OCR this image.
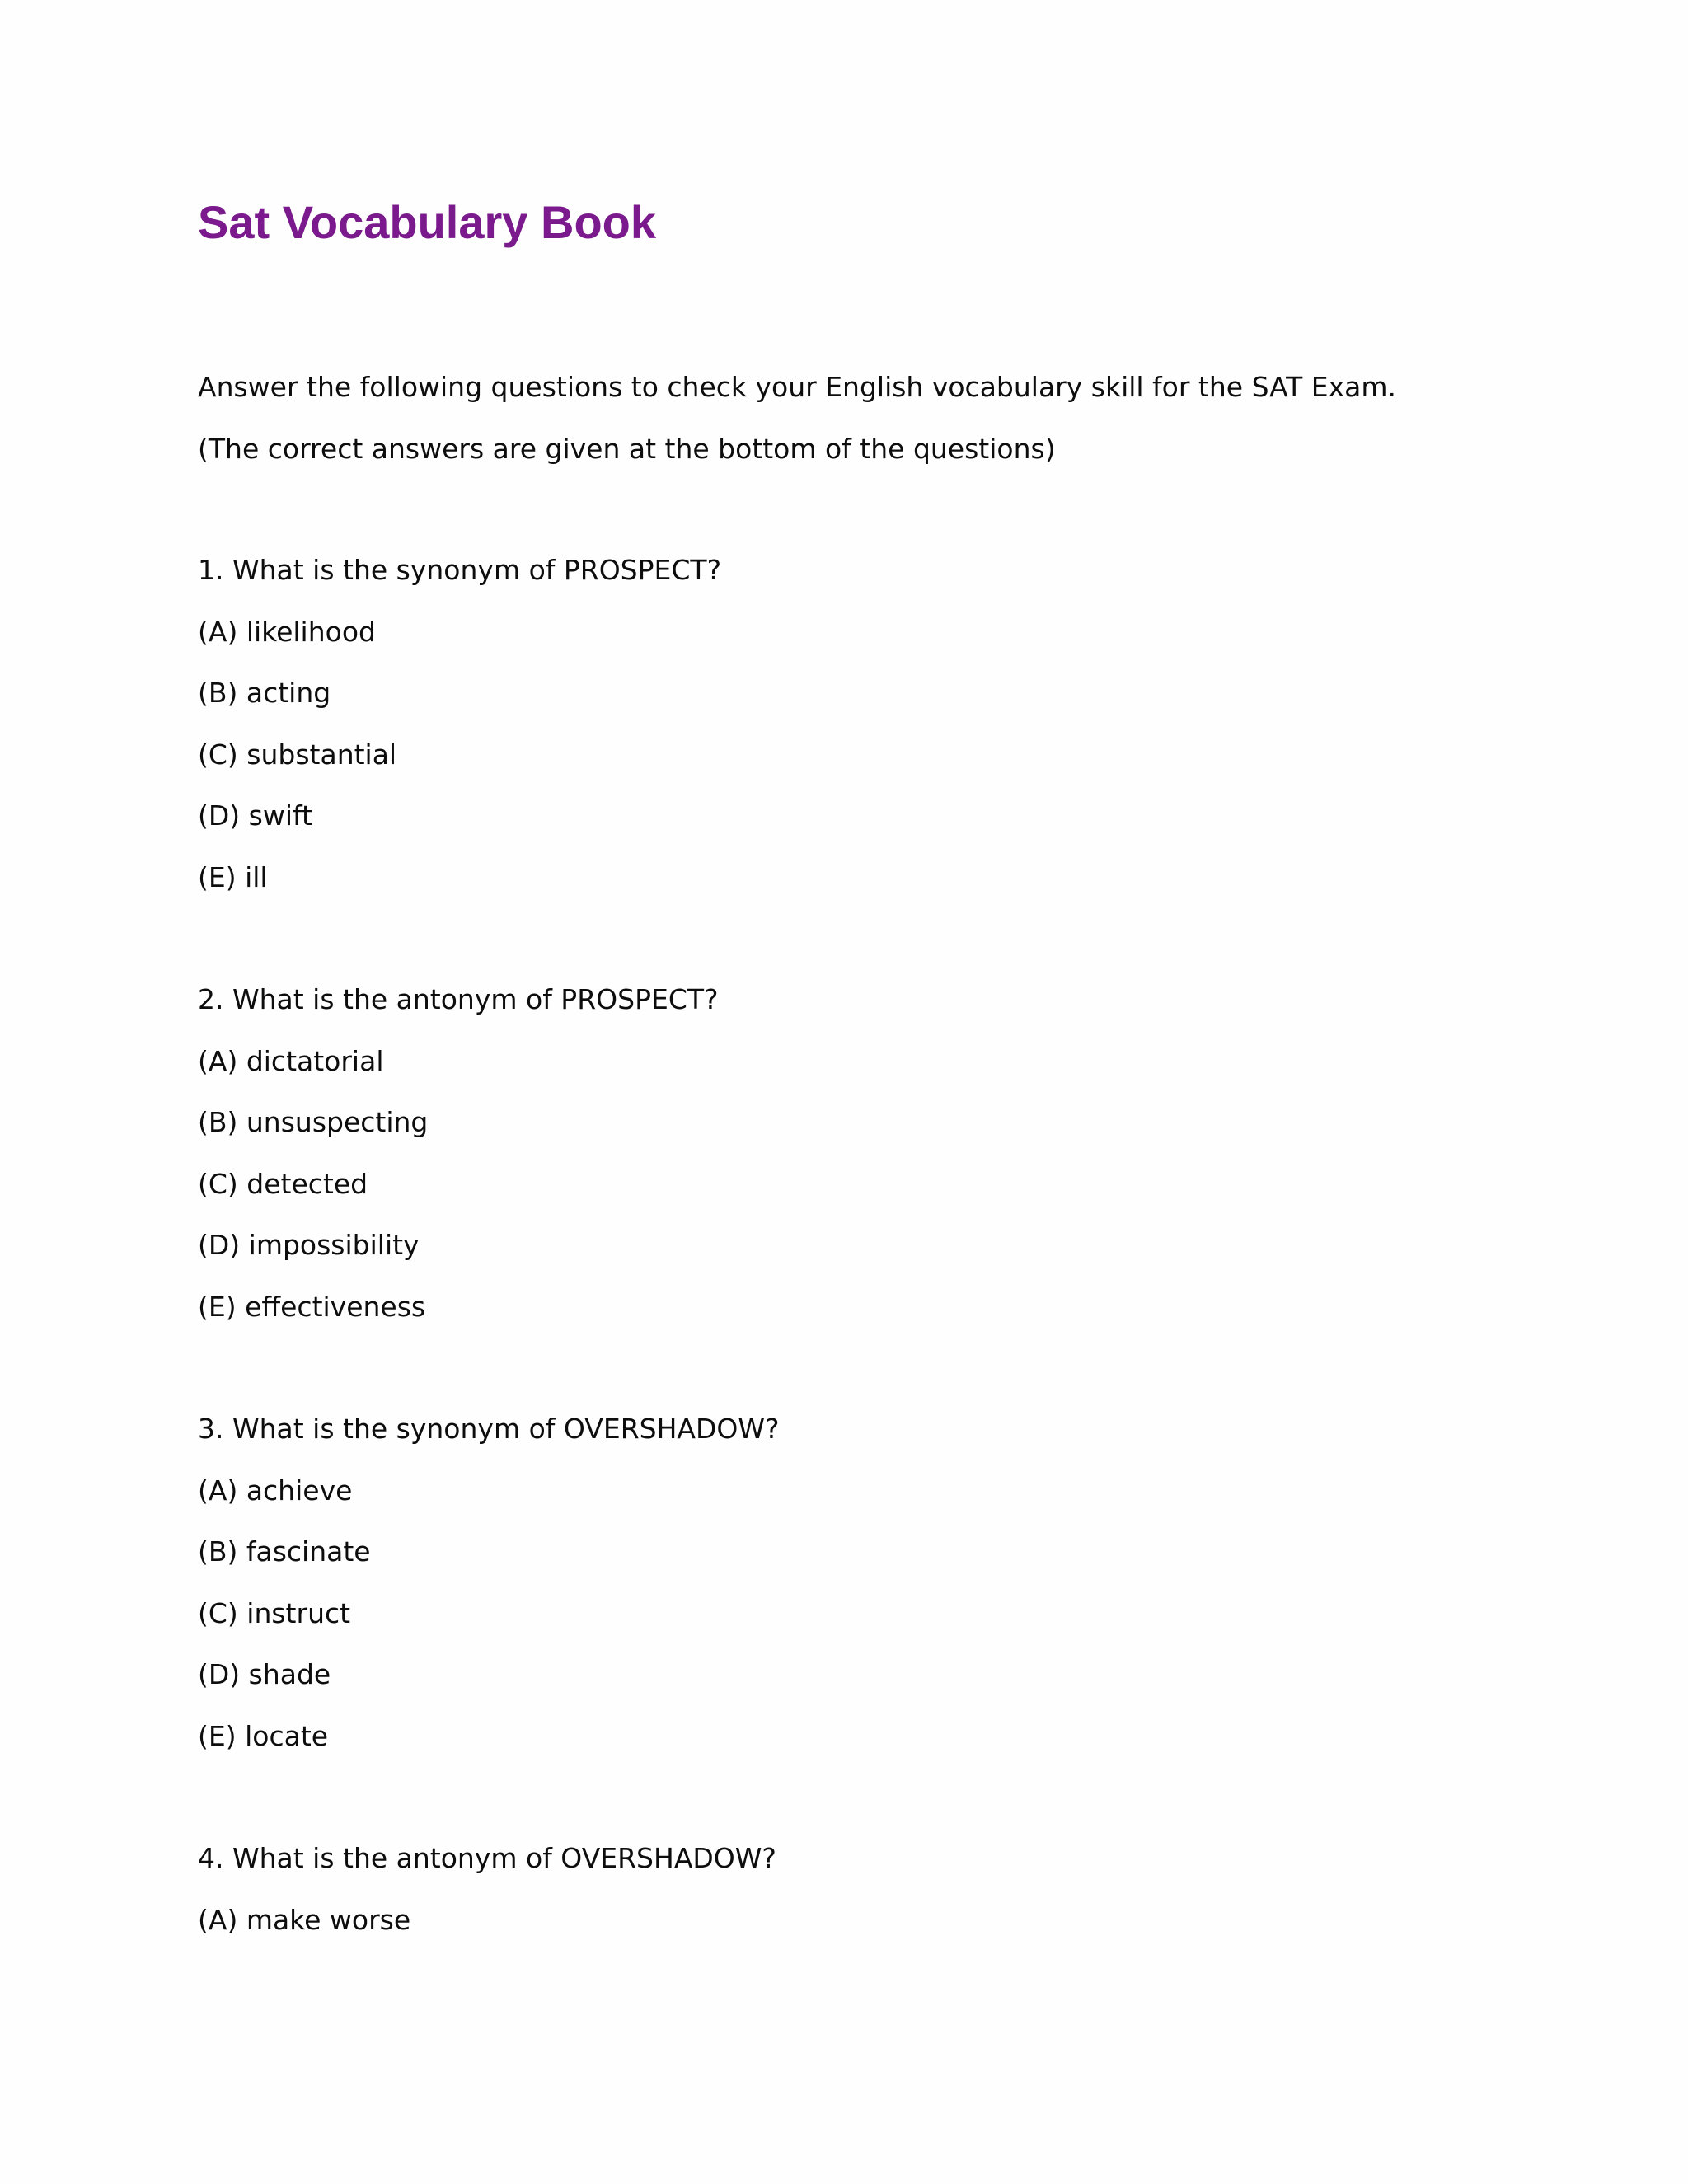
Sat Vocabulary Book

Answer the following questions to check your English vocabulary skill for the SAT Exam.

(The correct answers are given at the bottom of the questions)

1. What is the synonym of PROSPECT?

(A) likelihood

(B) acting

(C) substantial

(D) swift

(E) ill

2. What is the antonym of PROSPECT?

(A) dictatorial

(B) unsuspecting

(C) detected

(D) impossibility

(E) effectiveness

3. What is the synonym of OVERSHADOW?

(A) achieve

(B) fascinate

(C) instruct

(D) shade

(E) locate

4. What is the antonym of OVERSHADOW?

(A) make worse
